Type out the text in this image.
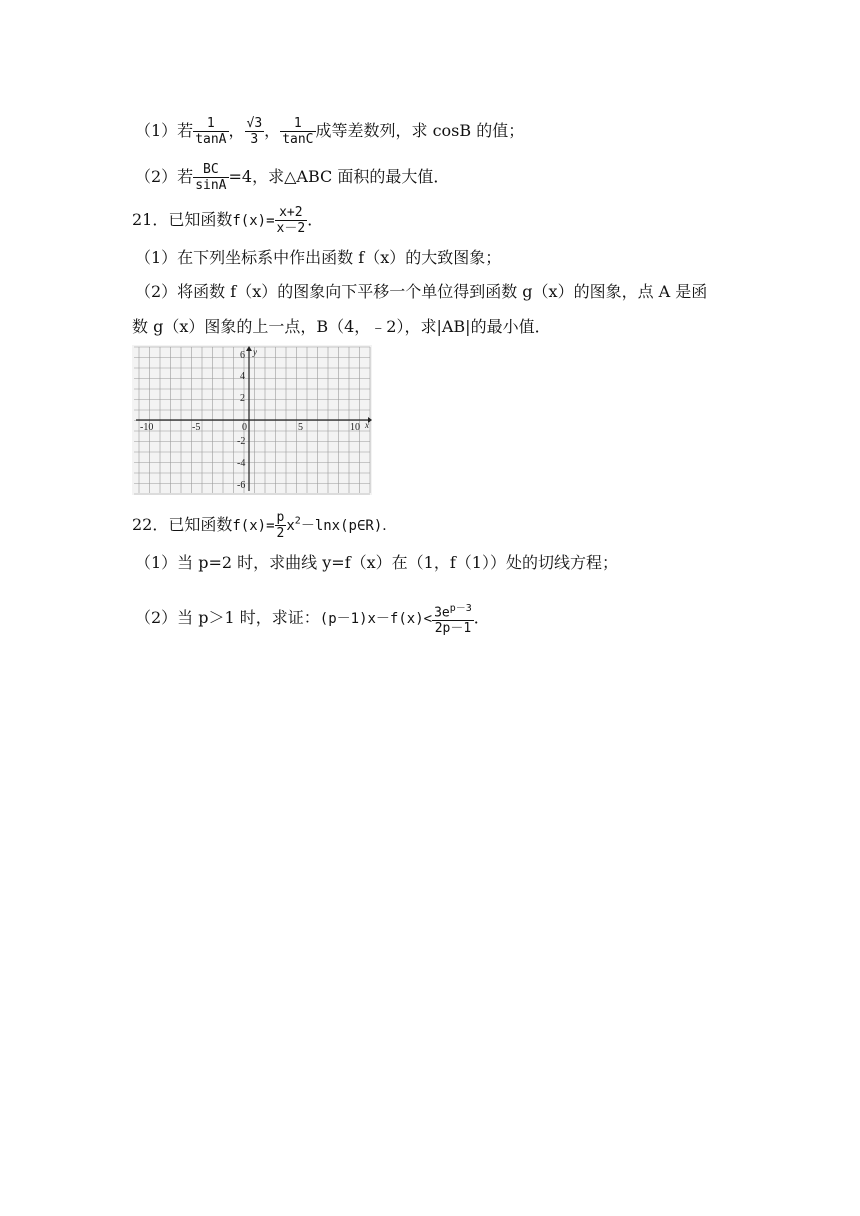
（1）若 $\frac{1}{\tan A}$ ， $\frac{√3}{3}$ ， $\frac{1}{\tan C}$ 成等差数列，求 cosB 的值；
（2）若 $\frac{BC}{\sin A} =4$，求△ABC 面积的最大值．
21．已知函数$f(x)= \frac{x+2}{x-2}$ ．
（1）在下列坐标系中作出函数 f（x）的大致图象；
（2）将函数 f（x）的图象向下平移一个单位得到函数 g（x）的图象，点 A 是函
数 g（x）图象的上一点，B（4，﹣2），求|AB|的最小值．
x
y
-10	-5	0	5	10
6
4
2
-2
-4
-6
22．已知函数$f(x)= \frac{p}{2}$ $x^2-\ln x(p\in R)$．
（1）当 p=2 时，求曲线 y=f（x）在（1，f（1））处的切线方程；
（2）当 p＞1 时，求证：$(p-1)x-f(x)< \frac{3e^{p-3}}{2p-1}$ ．
